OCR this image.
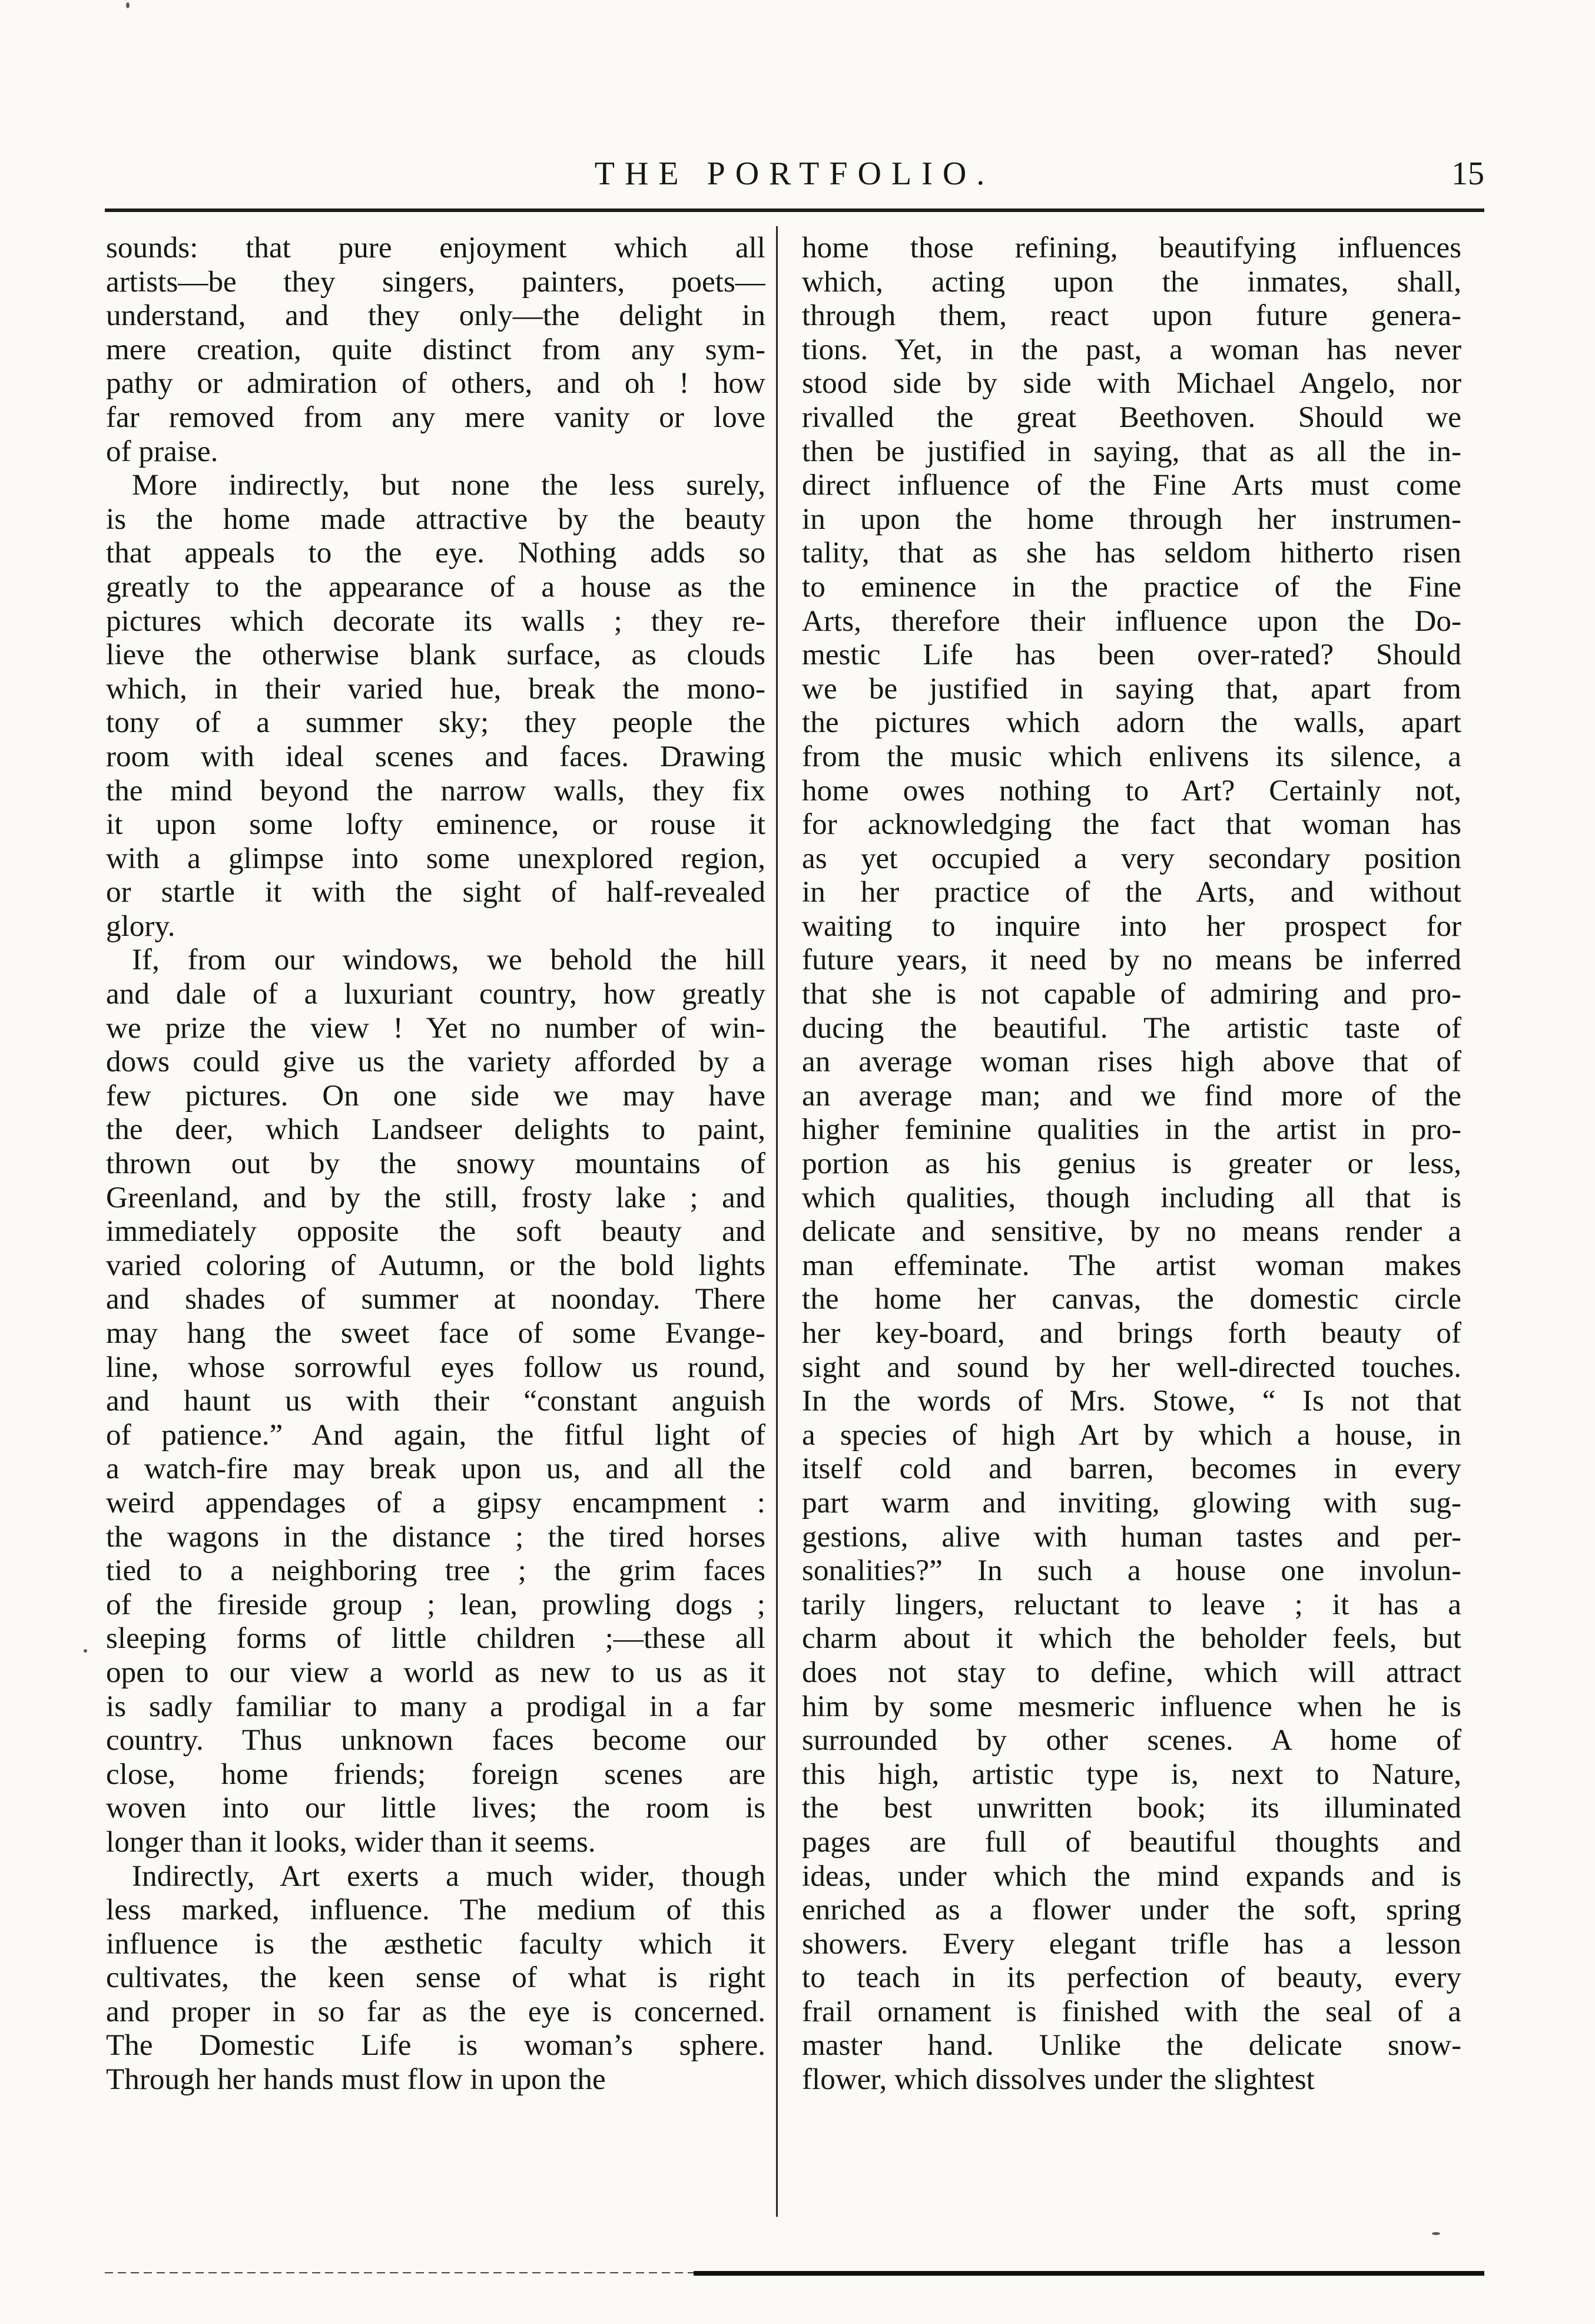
THE PORTFOLIO.	15
sounds: that pure enjoyment which all
artists—be they singers, painters, poets—
understand, and they only—the delight in
mere creation, quite distinct from any sym-
pathy or admiration of others, and oh ! how
far removed from any mere vanity or love
of praise.
More indirectly, but none the less surely,
is the home made attractive by the beauty
that appeals to the eye. Nothing adds so
greatly to the appearance of a house as the
pictures which decorate its walls ; they re-
lieve the otherwise blank surface, as clouds
which, in their varied hue, break the mono-
tony of a summer sky; they people the
room with ideal scenes and faces. Drawing
the mind beyond the narrow walls, they fix
it upon some lofty eminence, or rouse it
with a glimpse into some unexplored region,
or startle it with the sight of half-revealed
glory.
If, from our windows, we behold the hill
and dale of a luxuriant country, how greatly
we prize the view ! Yet no number of win-
dows could give us the variety afforded by a
few pictures. On one side we may have
the deer, which Landseer delights to paint,
thrown out by the snowy mountains of
Greenland, and by the still, frosty lake ; and
immediately opposite the soft beauty and
varied coloring of Autumn, or the bold lights
and shades of summer at noonday. There
may hang the sweet face of some Evange-
line, whose sorrowful eyes follow us round,
and haunt us with their “constant anguish
of patience.” And again, the fitful light of
a watch-fire may break upon us, and all the
weird appendages of a gipsy encampment :
the wagons in the distance ; the tired horses
tied to a neighboring tree ; the grim faces
of the fireside group ; lean, prowling dogs ;
sleeping forms of little children ;—these all
open to our view a world as new to us as it
is sadly familiar to many a prodigal in a far
country. Thus unknown faces become our
close, home friends; foreign scenes are
woven into our little lives; the room is
longer than it looks, wider than it seems.
Indirectly, Art exerts a much wider, though
less marked, influence. The medium of this
influence is the æsthetic faculty which it
cultivates, the keen sense of what is right
and proper in so far as the eye is concerned.
The Domestic Life is woman’s sphere.
Through her hands must flow in upon the
home those refining, beautifying influences
which, acting upon the inmates, shall,
through them, react upon future genera-
tions. Yet, in the past, a woman has never
stood side by side with Michael Angelo, nor
rivalled the great Beethoven. Should we
then be justified in saying, that as all the in-
direct influence of the Fine Arts must come
in upon the home through her instrumen-
tality, that as she has seldom hitherto risen
to eminence in the practice of the Fine
Arts, therefore their influence upon the Do-
mestic Life has been over-rated? Should
we be justified in saying that, apart from
the pictures which adorn the walls, apart
from the music which enlivens its silence, a
home owes nothing to Art? Certainly not,
for acknowledging the fact that woman has
as yet occupied a very secondary position
in her practice of the Arts, and without
waiting to inquire into her prospect for
future years, it need by no means be inferred
that she is not capable of admiring and pro-
ducing the beautiful. The artistic taste of
an average woman rises high above that of
an average man; and we find more of the
higher feminine qualities in the artist in pro-
portion as his genius is greater or less,
which qualities, though including all that is
delicate and sensitive, by no means render a
man effeminate. The artist woman makes
the home her canvas, the domestic circle
her key-board, and brings forth beauty of
sight and sound by her well-directed touches.
In the words of Mrs. Stowe, “ Is not that
a species of high Art by which a house, in
itself cold and barren, becomes in every
part warm and inviting, glowing with sug-
gestions, alive with human tastes and per-
sonalities?” In such a house one involun-
tarily lingers, reluctant to leave ; it has a
charm about it which the beholder feels, but
does not stay to define, which will attract
him by some mesmeric influence when he is
surrounded by other scenes. A home of
this high, artistic type is, next to Nature,
the best unwritten book; its illuminated
pages are full of beautiful thoughts and
ideas, under which the mind expands and is
enriched as a flower under the soft, spring
showers. Every elegant trifle has a lesson
to teach in its perfection of beauty, every
frail ornament is finished with the seal of a
master hand. Unlike the delicate snow-
flower, which dissolves under the slightest
